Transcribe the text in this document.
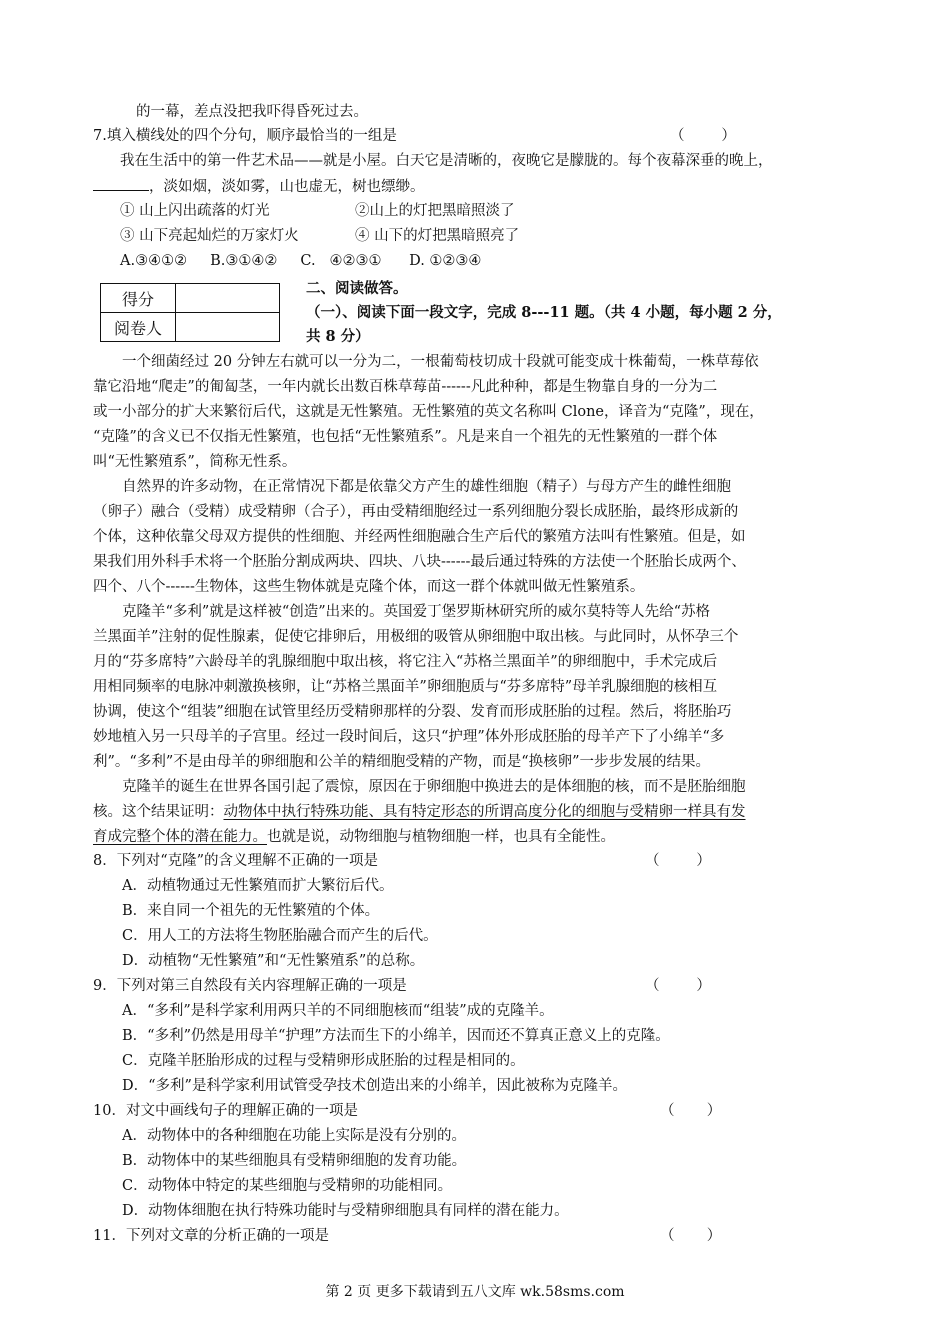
的一幕，差点没把我吓得昏死过去。
7.填入横线处的四个分句，顺序最恰当的一组是	（        ）
我在生活中的第一件艺术品——就是小屋。白天它是清晰的，夜晚它是朦胧的。每个夜幕深垂的晚上，
，淡如烟，淡如雾，山也虚无，树也缥缈。
① 山上闪出疏落的灯光	②山上的灯把黑暗照淡了
③ 山下亮起灿烂的万家灯火	④ 山下的灯把黑暗照亮了
A.③④①②     B.③①④②     C.   ④②③①      D. ①②③④
得分	
阅卷人	
二、阅读做答。
（一）、阅读下面一段文字，完成 8---11 题。（共 4 小题，每小题 2 分，
共 8 分）
一个细菌经过 20 分钟左右就可以一分为二，一根葡萄枝切成十段就可能变成十株葡萄，一株草莓依
靠它沿地“爬走”的匍匐茎，一年内就长出数百株草莓苗------凡此种种，都是生物靠自身的一分为二
或一小部分的扩大来繁衍后代，这就是无性繁殖。无性繁殖的英文名称叫 Clone，译音为“克隆”，现在，
“克隆”的含义已不仅指无性繁殖，也包括“无性繁殖系”。凡是来自一个祖先的无性繁殖的一群个体
叫“无性繁殖系”，简称无性系。
自然界的许多动物，在正常情况下都是依靠父方产生的雄性细胞（精子）与母方产生的雌性细胞
（卵子）融合（受精）成受精卵（合子），再由受精细胞经过一系列细胞分裂长成胚胎，最终形成新的
个体，这种依靠父母双方提供的性细胞、并经两性细胞融合生产后代的繁殖方法叫有性繁殖。但是，如
果我们用外科手术将一个胚胎分割成两块、四块、八块------最后通过特殊的方法使一个胚胎长成两个、
四个、八个------生物体，这些生物体就是克隆个体，而这一群个体就叫做无性繁殖系。
克隆羊“多利”就是这样被“创造”出来的。英国爱丁堡罗斯林研究所的威尔莫特等人先给“苏格
兰黑面羊”注射的促性腺素，促使它排卵后，用极细的吸管从卵细胞中取出核。与此同时，从怀孕三个
月的“芬多席特”六龄母羊的乳腺细胞中取出核，将它注入“苏格兰黑面羊”的卵细胞中，手术完成后
用相同频率的电脉冲刺激换核卵，让“苏格兰黑面羊”卵细胞质与“芬多席特”母羊乳腺细胞的核相互
协调，使这个“组装”细胞在试管里经历受精卵那样的分裂、发育而形成胚胎的过程。然后，将胚胎巧
妙地植入另一只母羊的子宫里。经过一段时间后，这只“护理”体外形成胚胎的母羊产下了小绵羊“多
利”。“多利”不是由母羊的卵细胞和公羊的精细胞受精的产物，而是“换核卵”一步步发展的结果。
克隆羊的诞生在世界各国引起了震惊，原因在于卵细胞中换进去的是体细胞的核，而不是胚胎细胞
核。这个结果证明：动物体中执行特殊功能、具有特定形态的所谓高度分化的细胞与受精卵一样具有发
育成完整个体的潜在能力。也就是说，动物细胞与植物细胞一样，也具有全能性。
8．下列对“克隆”的含义理解不正确的一项是	（        ）
A．动植物通过无性繁殖而扩大繁衍后代。
B．来自同一个祖先的无性繁殖的个体。
C．用人工的方法将生物胚胎融合而产生的后代。
D．动植物“无性繁殖”和“无性繁殖系”的总称。
9．下列对第三自然段有关内容理解正确的一项是	（        ）
A．“多利”是科学家利用两只羊的不同细胞核而“组装”成的克隆羊。
B．“多利”仍然是用母羊“护理”方法而生下的小绵羊，因而还不算真正意义上的克隆。
C．克隆羊胚胎形成的过程与受精卵形成胚胎的过程是相同的。
D．“多利”是科学家利用试管受孕技术创造出来的小绵羊，因此被称为克隆羊。
10．对文中画线句子的理解正确的一项是	（       ）
A．动物体中的各种细胞在功能上实际是没有分别的。
B．动物体中的某些细胞具有受精卵细胞的发育功能。
C．动物体中特定的某些细胞与受精卵的功能相同。
D．动物体细胞在执行特殊功能时与受精卵细胞具有同样的潜在能力。
11．下列对文章的分析正确的一项是	（       ）
第 2 页 更多下载请到五八文库 wk.58sms.com
